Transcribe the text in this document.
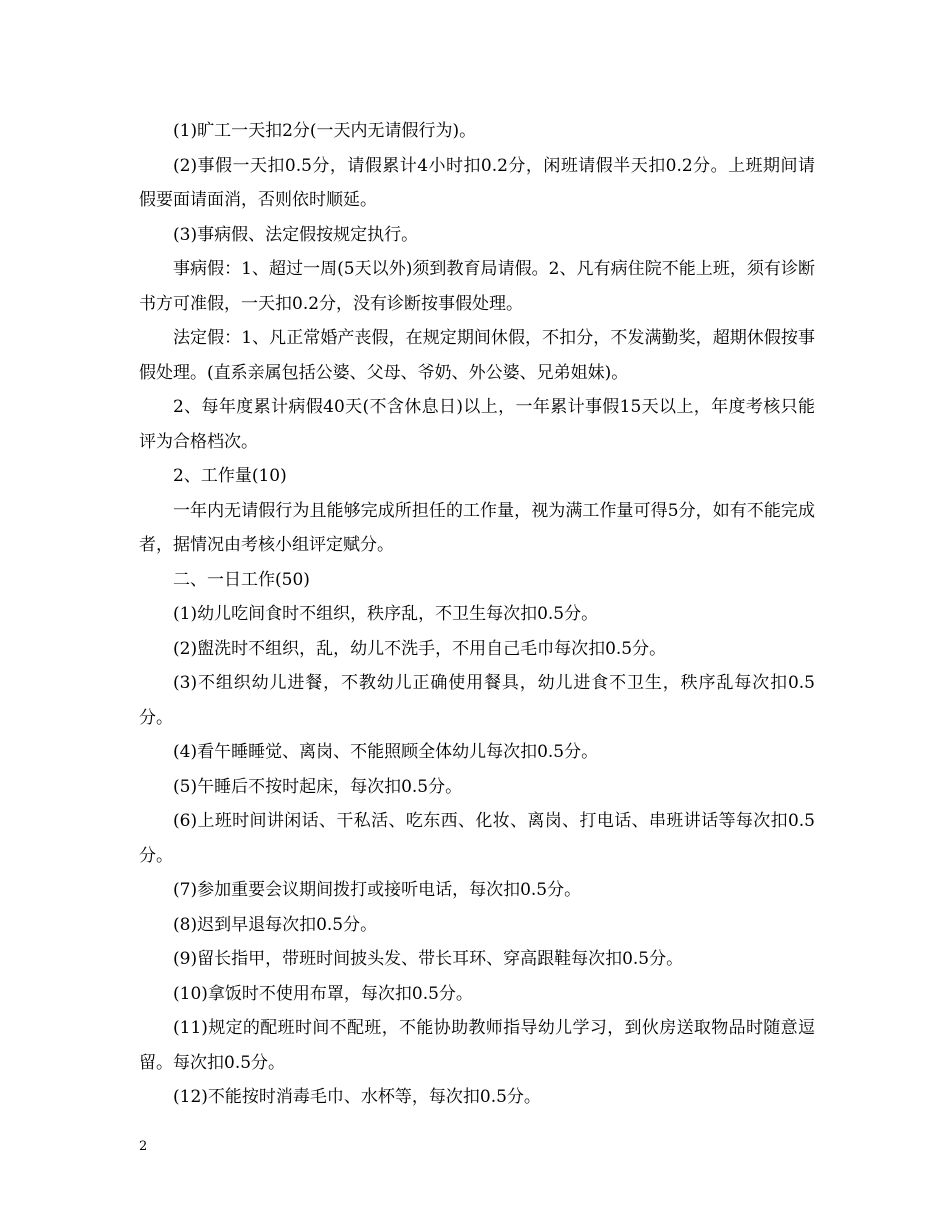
(1)旷工一天扣2分(一天内无请假行为)。

(2)事假一天扣0.5分，请假累计4小时扣0.2分，闲班请假半天扣0.2分。上班期间请假要面请面消，否则依时顺延。

(3)事病假、法定假按规定执行。

事病假：1、超过一周(5天以外)须到教育局请假。2、凡有病住院不能上班，须有诊断书方可准假，一天扣0.2分，没有诊断按事假处理。

法定假：1、凡正常婚产丧假，在规定期间休假，不扣分，不发满勤奖，超期休假按事假处理。(直系亲属包括公婆、父母、爷奶、外公婆、兄弟姐妹)。

2、每年度累计病假40天(不含休息日)以上，一年累计事假15天以上，年度考核只能评为合格档次。

2、工作量(10)

一年内无请假行为且能够完成所担任的工作量，视为满工作量可得5分，如有不能完成者，据情况由考核小组评定赋分。

二、一日工作(50)

(1)幼儿吃间食时不组织，秩序乱，不卫生每次扣0.5分。

(2)盥洗时不组织，乱，幼儿不洗手，不用自己毛巾每次扣0.5分。

(3)不组织幼儿进餐，不教幼儿正确使用餐具，幼儿进食不卫生，秩序乱每次扣0.5分。

(4)看午睡睡觉、离岗、不能照顾全体幼儿每次扣0.5分。

(5)午睡后不按时起床，每次扣0.5分。

(6)上班时间讲闲话、干私活、吃东西、化妆、离岗、打电话、串班讲话等每次扣0.5分。

(7)参加重要会议期间拨打或接听电话，每次扣0.5分。

(8)迟到早退每次扣0.5分。

(9)留长指甲，带班时间披头发、带长耳环、穿高跟鞋每次扣0.5分。

(10)拿饭时不使用布罩，每次扣0.5分。

(11)规定的配班时间不配班，不能协助教师指导幼儿学习，到伙房送取物品时随意逗留。每次扣0.5分。

(12)不能按时消毒毛巾、水杯等，每次扣0.5分。

2
